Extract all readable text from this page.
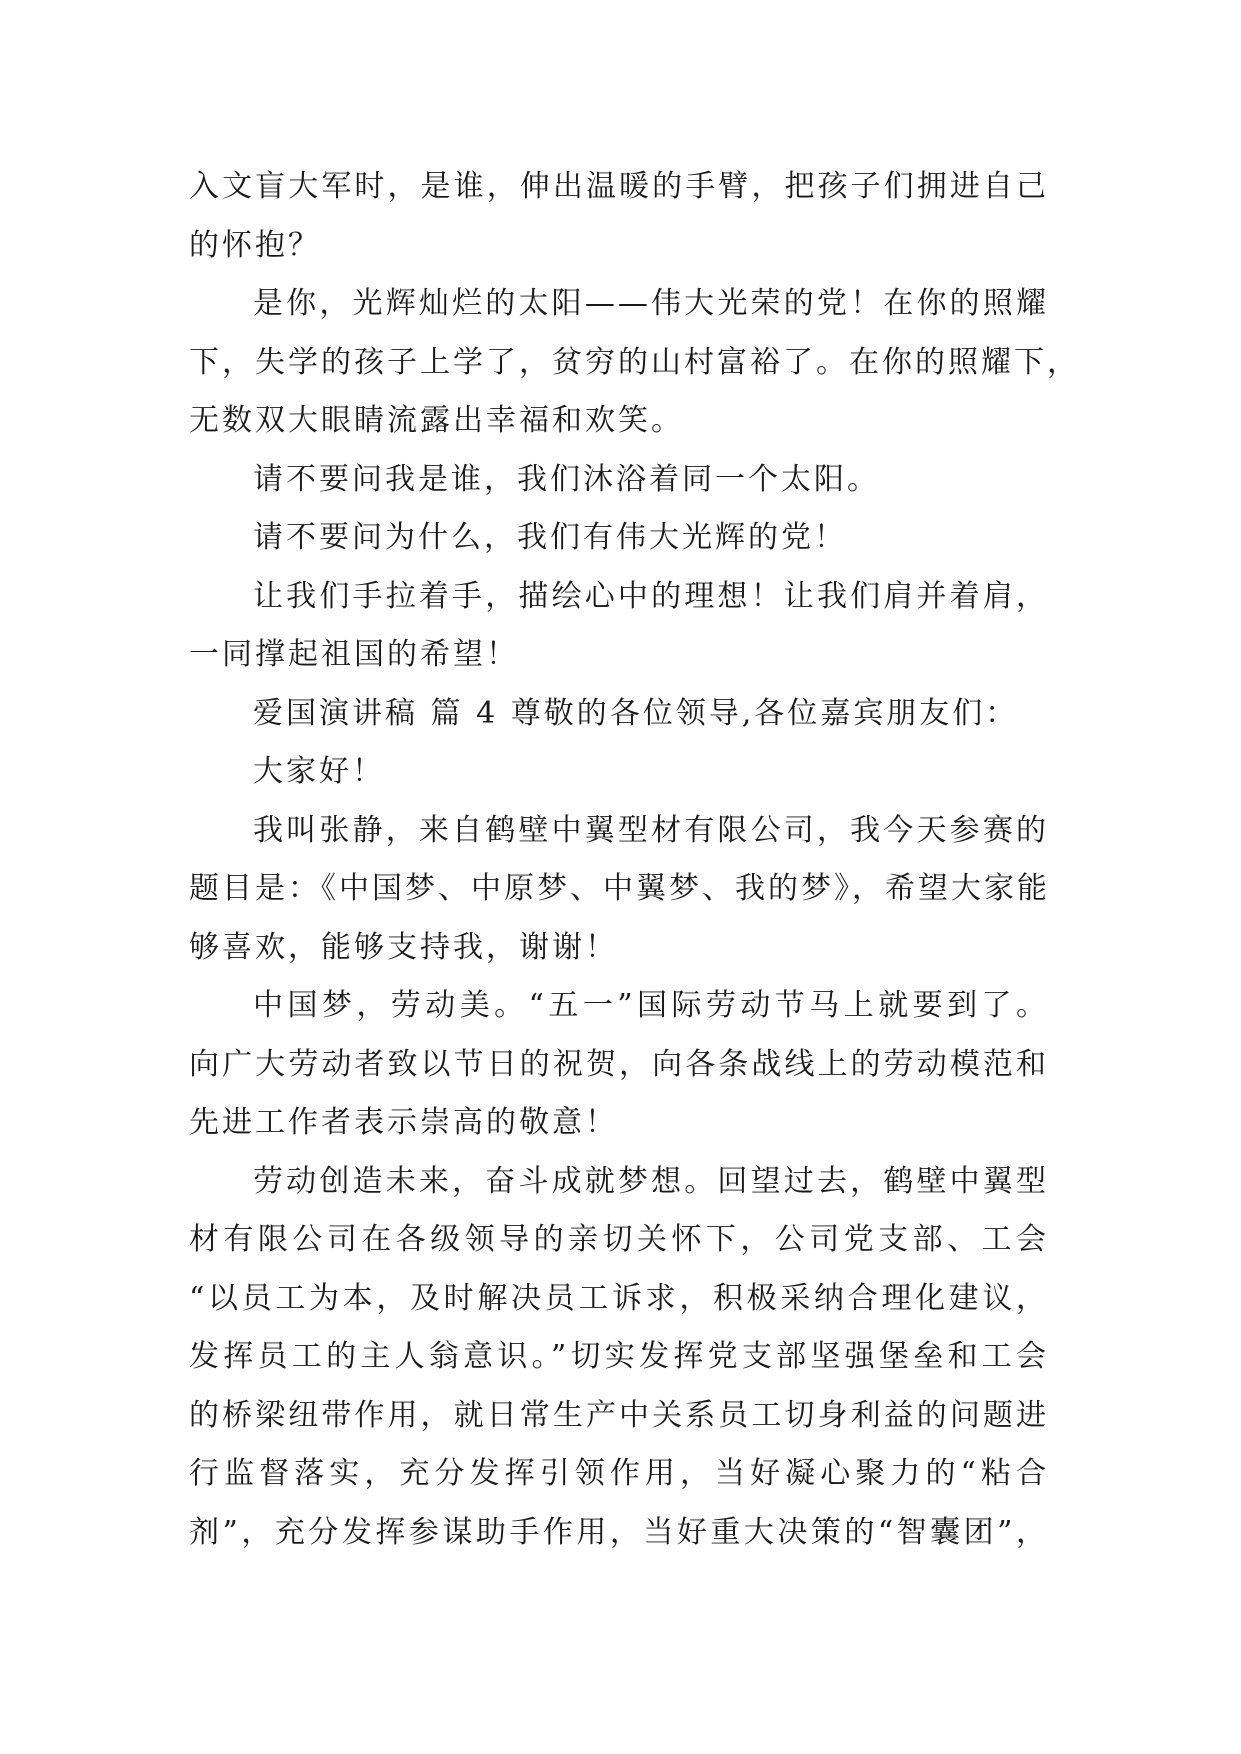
入文盲大军时，是谁，伸出温暖的手臂，把孩子们拥进自己
的怀抱？
是你，光辉灿烂的太阳——伟大光荣的党！在你的照耀
下，失学的孩子上学了，贫穷的山村富裕了。在你的照耀下，
无数双大眼睛流露出幸福和欢笑。
请不要问我是谁，我们沐浴着同一个太阳。
请不要问为什么，我们有伟大光辉的党！
让我们手拉着手，描绘心中的理想！让我们肩并着肩，
一同撑起祖国的希望！
爱国演讲稿 篇 4 尊敬的各位领导,各位嘉宾朋友们：
大家好！
我叫张静，来自鹤壁中翼型材有限公司，我今天参赛的
题目是：《中国梦、中原梦、中翼梦、我的梦》，希望大家能
够喜欢，能够支持我，谢谢！
中国梦，劳动美。“五一”国际劳动节马上就要到了。
向广大劳动者致以节日的祝贺，向各条战线上的劳动模范和
先进工作者表示崇高的敬意！
劳动创造未来，奋斗成就梦想。回望过去，鹤壁中翼型
材有限公司在各级领导的亲切关怀下，公司党支部、工会
“以员工为本，及时解决员工诉求，积极采纳合理化建议，
发挥员工的主人翁意识。”切实发挥党支部坚强堡垒和工会
的桥梁纽带作用，就日常生产中关系员工切身利益的问题进
行监督落实，充分发挥引领作用，当好凝心聚力的“粘合
剂”，充分发挥参谋助手作用，当好重大决策的“智囊团”，
